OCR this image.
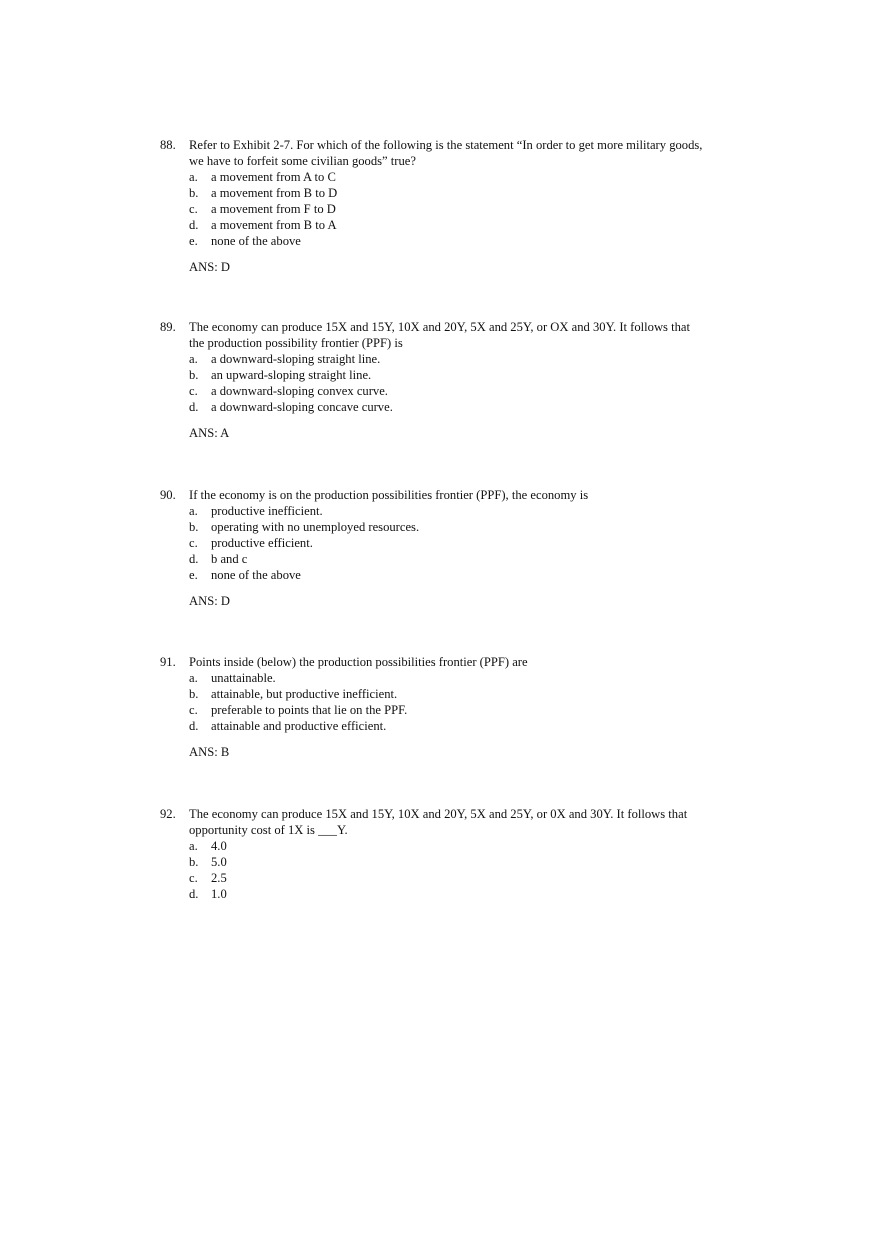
88. Refer to Exhibit 2-7. For which of the following is the statement “In order to get more military goods,
we have to forfeit some civilian goods” true?
a. a movement from A to C
b. a movement from B to D
c. a movement from F to D
d. a movement from B to A
e. none of the above
ANS: D
89. The economy can produce 15X and 15Y, 10X and 20Y, 5X and 25Y, or OX and 30Y. It follows that
the production possibility frontier (PPF) is
a. a downward-sloping straight line.
b. an upward-sloping straight line.
c. a downward-sloping convex curve.
d. a downward-sloping concave curve.
ANS: A
90. If the economy is on the production possibilities frontier (PPF), the economy is
a. productive inefficient.
b. operating with no unemployed resources.
c. productive efficient.
d. b and c
e. none of the above
ANS: D
91. Points inside (below) the production possibilities frontier (PPF) are
a. unattainable.
b. attainable, but productive inefficient.
c. preferable to points that lie on the PPF.
d. attainable and productive efficient.
ANS: B
92. The economy can produce 15X and 15Y, 10X and 20Y, 5X and 25Y, or 0X and 30Y. It follows that
opportunity cost of 1X is ___Y.
a. 4.0
b. 5.0
c. 2.5
d. 1.0
